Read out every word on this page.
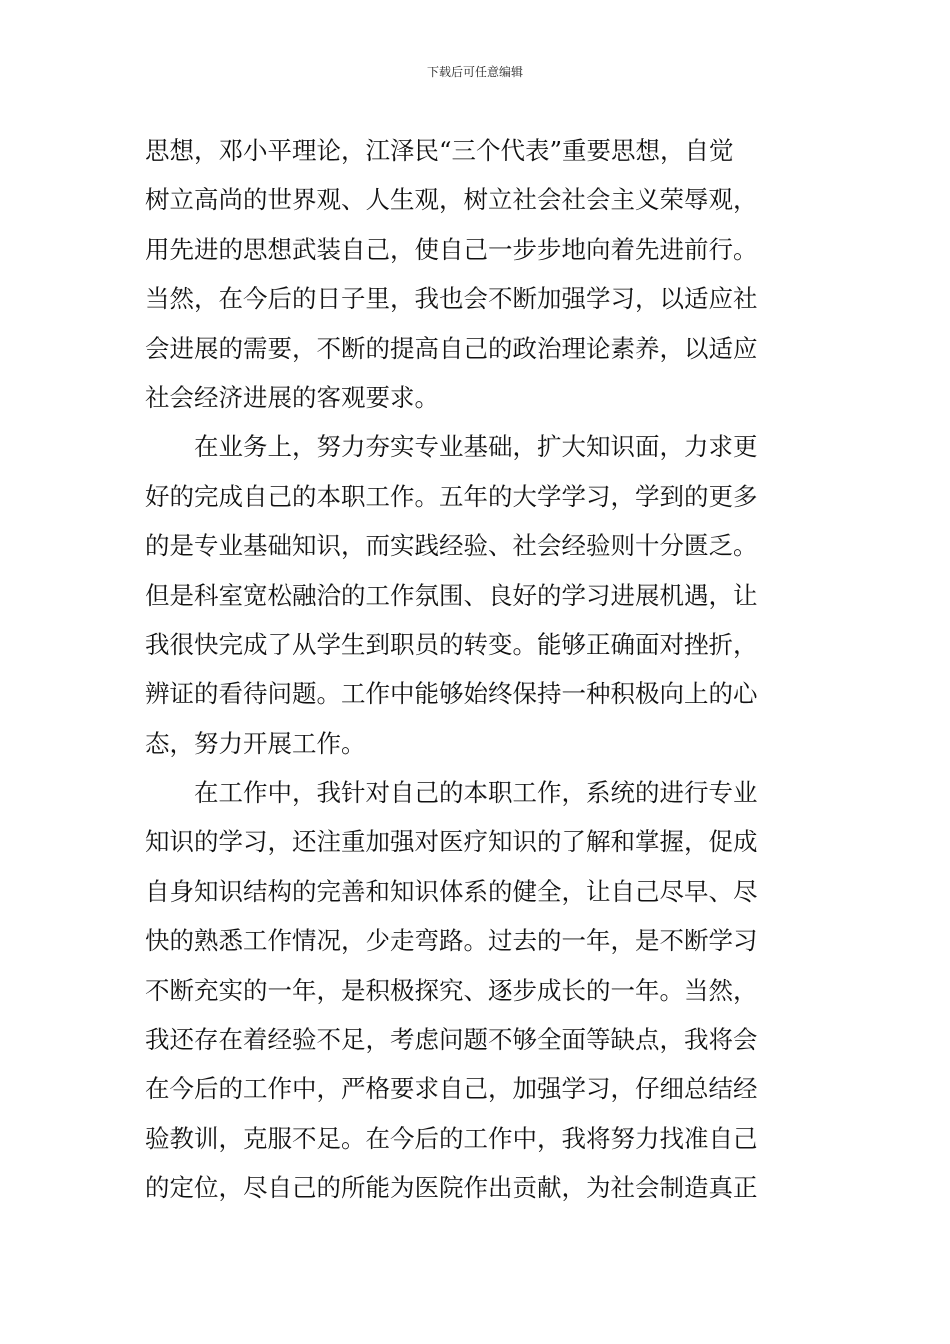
下载后可任意编辑
思想，邓小平理论，江泽民“三个代表”重要思想，自觉
树立高尚的世界观、人生观，树立社会社会主义荣辱观，
用先进的思想武装自己，使自己一步步地向着先进前行。
当然，在今后的日子里，我也会不断加强学习，以适应社
会进展的需要，不断的提高自己的政治理论素养，以适应
社会经济进展的客观要求。
　　在业务上，努力夯实专业基础，扩大知识面，力求更
好的完成自己的本职工作。五年的大学学习，学到的更多
的是专业基础知识，而实践经验、社会经验则十分匮乏。
但是科室宽松融洽的工作氛围、良好的学习进展机遇，让
我很快完成了从学生到职员的转变。能够正确面对挫折，
辨证的看待问题。工作中能够始终保持一种积极向上的心
态，努力开展工作。
　　在工作中，我针对自己的本职工作，系统的进行专业
知识的学习，还注重加强对医疗知识的了解和掌握，促成
自身知识结构的完善和知识体系的健全，让自己尽早、尽
快的熟悉工作情况，少走弯路。过去的一年，是不断学习
不断充实的一年，是积极探究、逐步成长的一年。当然，
我还存在着经验不足，考虑问题不够全面等缺点，我将会
在今后的工作中，严格要求自己，加强学习，仔细总结经
验教训，克服不足。在今后的工作中，我将努力找准自己
的定位，尽自己的所能为医院作出贡献，为社会制造真正
